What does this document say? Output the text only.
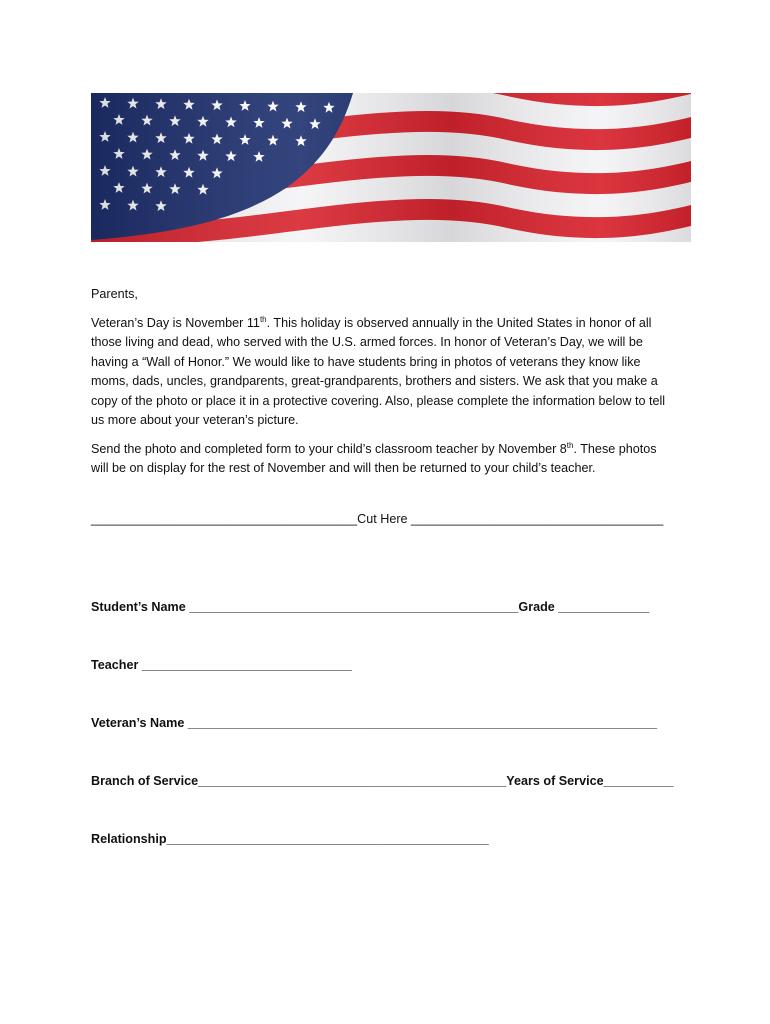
Parents,

Veteran’s Day is November 11th. This holiday is observed annually in the United States in honor of all those living and dead, who served with the U.S. armed forces. In honor of Veteran’s Day, we will be having a “Wall of Honor.” We would like to have students bring in photos of veterans they know like moms, dads, uncles, grandparents, great-grandparents, brothers and sisters. We ask that you make a copy of the photo or place it in a protective covering. Also, please complete the information below to tell us more about your veteran’s picture.

Send the photo and completed form to your child’s classroom teacher by November 8th. These photos will be on display for the rest of November and will then be returned to your child’s teacher.

______________________________________Cut Here ____________________________________
Student’s Name _______________________________________________Grade _____________
Teacher ______________________________
Veteran’s Name ___________________________________________________________________
Branch of Service____________________________________________Years of Service__________
Relationship______________________________________________
